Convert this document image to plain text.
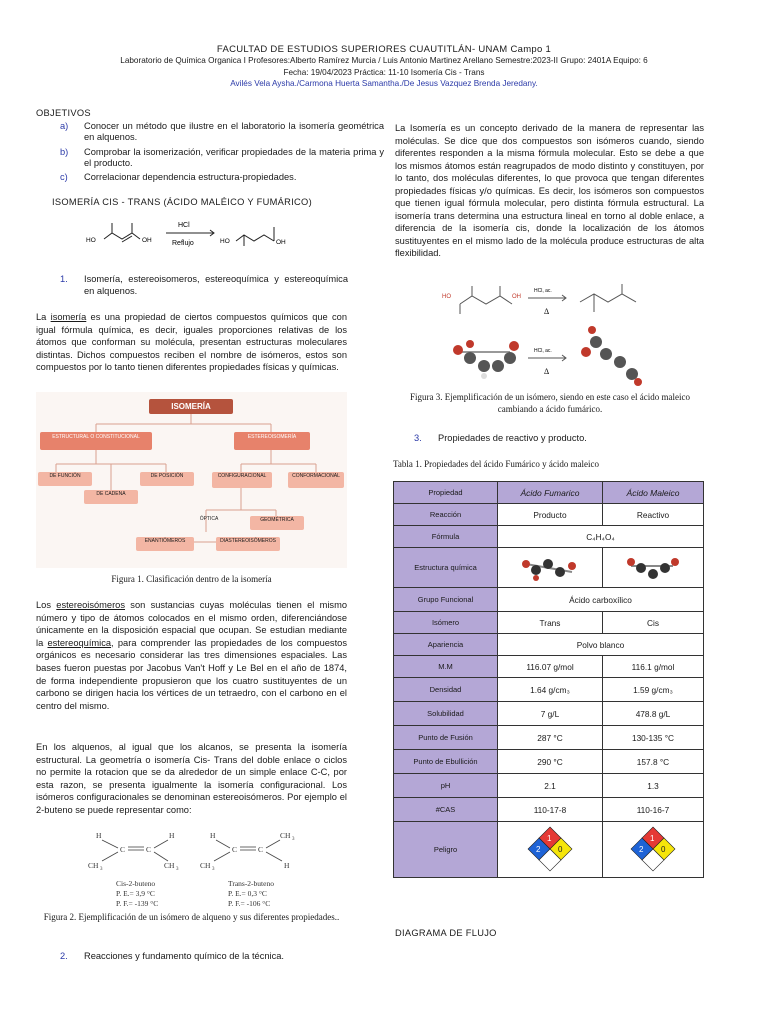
FACULTAD DE ESTUDIOS SUPERIORES CUAUTITLÁN- UNAM Campo 1
Laboratorio de Química Organica I Profesores:Alberto Ramírez Murcia / Luis Antonio Martinez Arellano Semestre:2023-II Grupo: 2401A Equipo: 6
Fecha: 19/04/2023 Práctica: 11-10 Isomería Cis - Trans
Avilés Vela Aysha./Carmona Huerta Samantha./De Jesus Vazquez Brenda Jeredany.
OBJETIVOS
a) Conocer un método que ilustre en el laboratorio la isomería geométrica en alquenos.
b) Comprobar la isomerización, verificar propiedades de la materia prima y el producto.
c) Correlacionar dependencia estructura-propiedades.
ISOMERÍA CIS - TRANS (ÁCIDO MALÉICO Y FUMÁRICO)
HO	OH
HCl
Reflujo	HO	OH
1. Isomería, estereoisomeros, estereoquímica y estereoquímica en alquenos.
La isomería es una propiedad de ciertos compuestos químicos que con igual fórmula química, es decir, iguales proporciones relativas de los átomos que conforman su molécula, presentan estructuras moleculares distintas. Dichos compuestos reciben el nombre de isómeros, estos son compuestos por lo tanto tienen diferentes propiedades físicas y químicas.
ISOMERÍA
ESTRUCTURAL O CONSTITUCIONAL	ESTEREOISOMERÍA
DE FUNCIÓN	DE POSICIÓN
DE CADENA
CONFIGURACIONAL	CONFORMACIONAL
ÓPTICA	GEOMÉTRICA
ENANTIÓMEROS	DIASTEREOISÓMEROS
Figura 1. Clasificación dentro de la isomería
Los estereoisómeros son sustancias cuyas moléculas tienen el mismo número y tipo de átomos colocados en el mismo orden, diferenciándose únicamente en la disposición espacial que ocupan. Se estudian mediante la estereoquímica, para comprender las propiedades de los compuestos orgánicos es necesario considerar las tres dimensiones espaciales. Las bases fueron puestas por Jacobus Van't Hoff y Le Bel en el año de 1874, de forma independiente propusieron que los cuatro sustituyentes de un carbono se dirigen hacia los vértices de un tetraedro, con el carbono en el centro del mismo.
En los alquenos, al igual que los alcanos, se presenta la isomería estructural. La geometría o isomería Cis- Trans del doble enlace o ciclos no permite la rotacion que se da alrededor de un simple enlace C-C, por esta razon, se presenta igualmente la isomería configuracional. Los isómeros configuracionales se denominan estereoisómeros. Por ejemplo el 2-buteno se puede representar como:
H	H
C	C
CH 3	CH 3
H	CH 3
C	C
CH 3	H
Cis-2-buteno
P. E.= 3,9 °C
P. F.= -139 °C
Trans-2-buteno
P. E.= 0,3 °C
P. F.= -106 °C
Figura 2. Ejemplificación de un isómero de alqueno y sus diferentes propiedades..
2. Reacciones y fundamento químico de la técnica.
La Isomería es un concepto derivado de la manera de representar las moléculas. Se dice que dos compuestos son isómeros cuando, siendo diferentes responden a la misma fórmula molecular. Esto se debe a que los mismos átomos están reagrupados de modo distinto y constituyen, por lo tanto, dos moléculas diferentes, lo que provoca que tengan diferentes propiedades físicas y/o químicas. Es decir, los isómeros son compuestos que tienen igual fórmula molecular, pero distinta fórmula estructural. La isomería trans determina una estructura lineal en torno al doble enlace, a diferencia de la isomería cis, donde la localización de los átomos sustituyentes en el mismo lado de la molécula produce estructuras de alta flexibilidad.
HO	OH
HCl, ac.
Δ
HCl, ac.
Δ
Figura 3. Ejemplificación de un isómero, siendo en este caso el ácido maleico cambiando a ácido fumárico.
3. Propiedades de reactivo y producto.
Tabla 1. Propiedades del ácido Fumárico y ácido maleico
Propiedad	Ácido Fumarico	Ácido Maleico
Reacción	Producto	Reactivo
Fórmula	C₄H₄O₄	
Estructura química		
Grupo Funcional	Ácido carboxílico	
Isómero	Trans	Cis
Apariencia	Polvo blanco	
M.M	116.07 g/mol	116.1 g/mol
Densidad	1.64 g/cm₃	1.59 g/cm₃
Solubilidad	7 g/L	478.8 g/L
Punto de Fusión	287 °C	130-135 °C
Punto de Ebullición	290 °C	157.8 °C
pH	2.1	1.3
#CAS	110-17-8	110-16-7
Peligro	2
1
0	2
1
0
DIAGRAMA DE FLUJO
